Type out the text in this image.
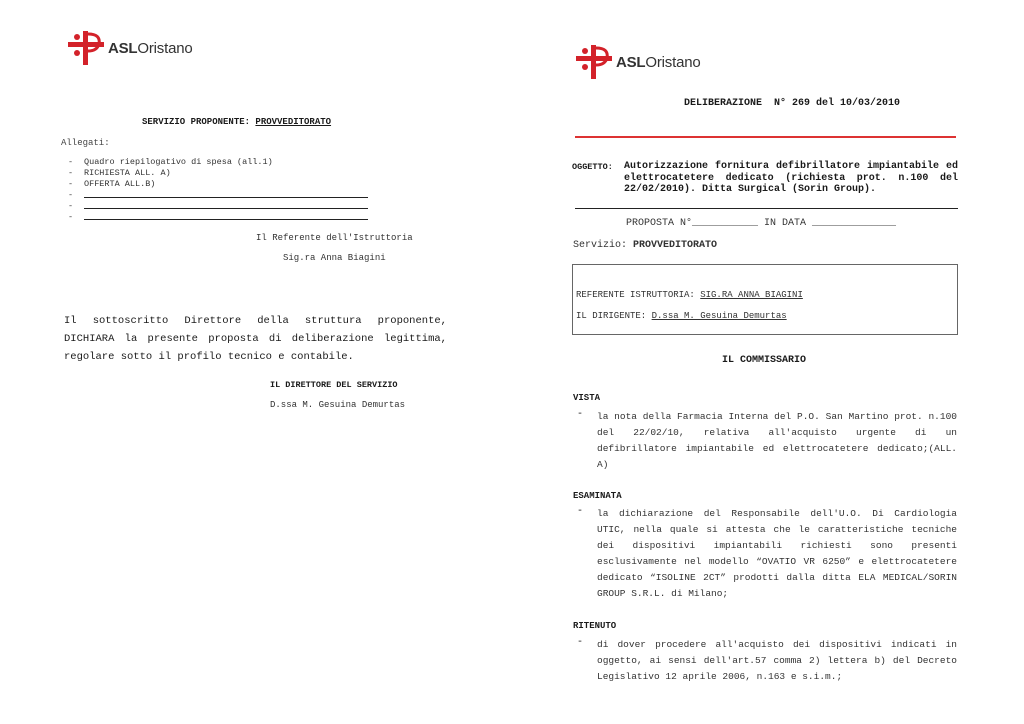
ASLOristano
SERVIZIO PROPONENTE: PROVVEDITORATO
Allegati:
-	Quadro riepilogativo di spesa (all.1)
-	RICHIESTA ALL. A)
-	OFFERTA ALL.B)
-
-
-
Il Referente dell'Istruttoria
Sig.ra Anna Biagini
Il sottoscritto Direttore della struttura proponente, DICHIARA la presente proposta di deliberazione legittima, regolare sotto il profilo tecnico e contabile.
IL DIRETTORE DEL SERVIZIO
D.ssa M. Gesuina Demurtas
ASLOristano
DELIBERAZIONE  N° 269 del 10/03/2010
OGGETTO:	Autorizzazione fornitura defibrillatore impiantabile ed elettrocatetere dedicato (richiesta prot. n.100 del 22/02/2010). Ditta Surgical (Sorin Group).
PROPOSTA N°___________ IN DATA ______________
Servizio: PROVVEDITORATO
REFERENTE ISTRUTTORIA: SIG.RA ANNA BIAGINI
IL DIRIGENTE: D.ssa M. Gesuina Demurtas
IL COMMISSARIO
VISTA
-	la nota della Farmacia Interna del P.O. San Martino prot. n.100 del 22/02/10, relativa all'acquisto urgente di un defibrillatore impiantabile ed elettrocatetere dedicato;(ALL. A)
ESAMINATA
-	la dichiarazione del Responsabile dell'U.O. Di Cardiologia UTIC, nella quale si attesta che le caratteristiche tecniche dei dispositivi impiantabili richiesti sono presenti esclusivamente nel modello “OVATIO VR 6250” e elettrocatetere dedicato “ISOLINE 2CT” prodotti dalla ditta ELA MEDICAL/SORIN GROUP S.R.L. di Milano;
RITENUTO
-	di dover procedere all'acquisto dei dispositivi indicati in oggetto, ai sensi dell'art.57 comma 2) lettera b) del Decreto Legislativo 12 aprile 2006, n.163 e s.i.m.;
